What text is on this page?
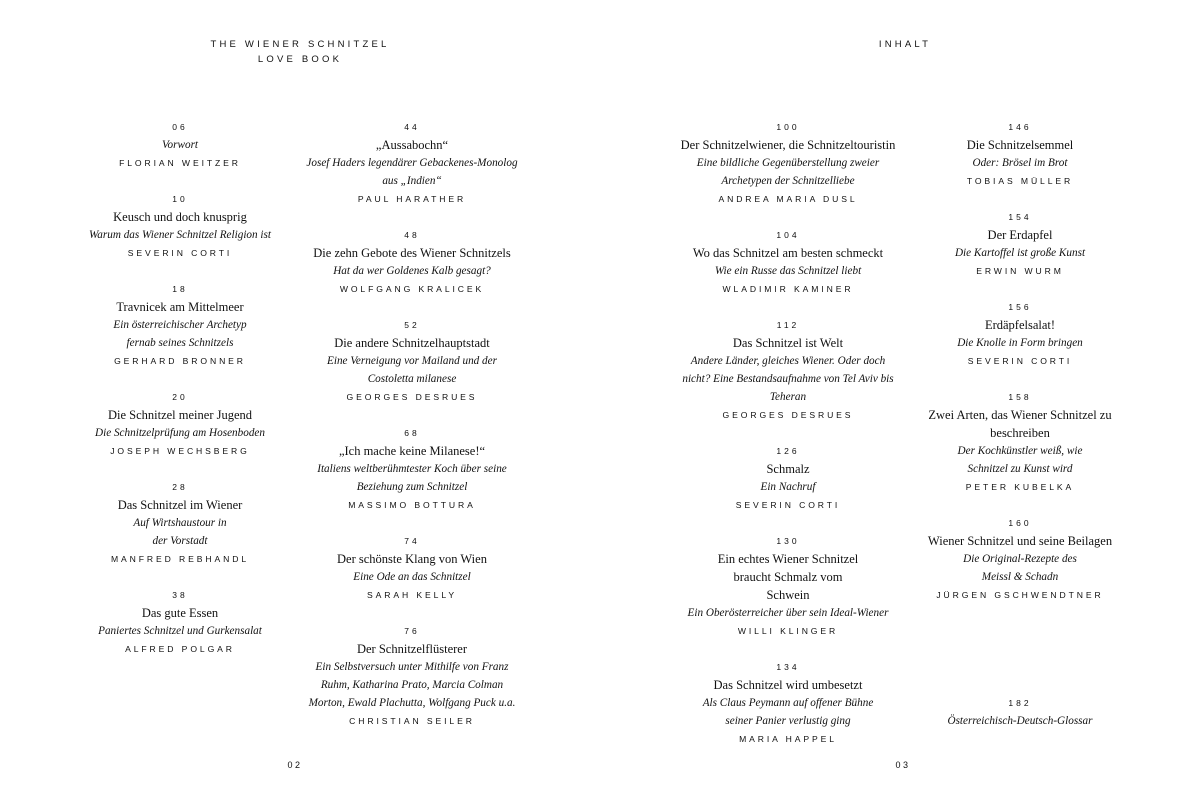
THE WIENER SCHNITZEL
LOVE BOOK
INHALT
06
Vorwort
FLORIAN WEITZER
10
Keusch und doch knusprig
Warum das Wiener Schnitzel Religion ist
SEVERIN CORTI
18
Travnicek am Mittelmeer
Ein österreichischer Archetyp fernab seines Schnitzels
GERHARD BRONNER
20
Die Schnitzel meiner Jugend
Die Schnitzelprüfung am Hosenboden
JOSEPH WECHSBERG
28
Das Schnitzel im Wiener
Auf Wirtshaustour in der Vorstadt
MANFRED REBHANDL
38
Das gute Essen
Paniertes Schnitzel und Gurkensalat
ALFRED POLGAR
44
„Aussabochn“
Josef Haders legendärer Gebackenes-Monolog aus „Indien“
PAUL HARATHER
48
Die zehn Gebote des Wiener Schnitzels
Hat da wer Goldenes Kalb gesagt?
WOLFGANG KRALICEK
52
Die andere Schnitzelhauptstadt
Eine Verneigung vor Mailand und der Costoletta milanese
GEORGES DESRUES
68
„Ich mache keine Milanese!“
Italiens weltberühmtester Koch über seine Beziehung zum Schnitzel
MASSIMO BOTTURA
74
Der schönste Klang von Wien
Eine Ode an das Schnitzel
SARAH KELLY
76
Der Schnitzelflüsterer
Ein Selbstversuch unter Mithilfe von Franz Ruhm, Katharina Prato, Marcia Colman Morton, Ewald Plachutta, Wolfgang Puck u.a.
CHRISTIAN SEILER
100
Der Schnitzelwiener, die Schnitzeltouristin
Eine bildliche Gegenüberstellung zweier Archetypen der Schnitzelliebe
ANDREA MARIA DUSL
104
Wo das Schnitzel am besten schmeckt
Wie ein Russe das Schnitzel liebt
WLADIMIR KAMINER
112
Das Schnitzel ist Welt
Andere Länder, gleiches Wiener. Oder doch nicht? Eine Bestandsaufnahme von Tel Aviv bis Teheran
GEORGES DESRUES
126
Schmalz
Ein Nachruf
SEVERIN CORTI
130
Ein echtes Wiener Schnitzel braucht Schmalz vom Schwein
Ein Oberösterreicher über sein Ideal-Wiener
WILLI KLINGER
134
Das Schnitzel wird umbesetzt
Als Claus Peymann auf offener Bühne seiner Panier verlustig ging
MARIA HAPPEL
146
Die Schnitzelsemmel
Oder: Brösel im Brot
TOBIAS MÜLLER
154
Der Erdapfel
Die Kartoffel ist große Kunst
ERWIN WURM
156
Erdäpfelsalat!
Die Knolle in Form bringen
SEVERIN CORTI
158
Zwei Arten, das Wiener Schnitzel zu beschreiben
Der Kochkünstler weiß, wie Schnitzel zu Kunst wird
PETER KUBELKA
160
Wiener Schnitzel und seine Beilagen
Die Original-Rezepte des Meissl & Schadn
JÜRGEN GSCHWENDTNER
182
Österreichisch-Deutsch-Glossar
02	03
